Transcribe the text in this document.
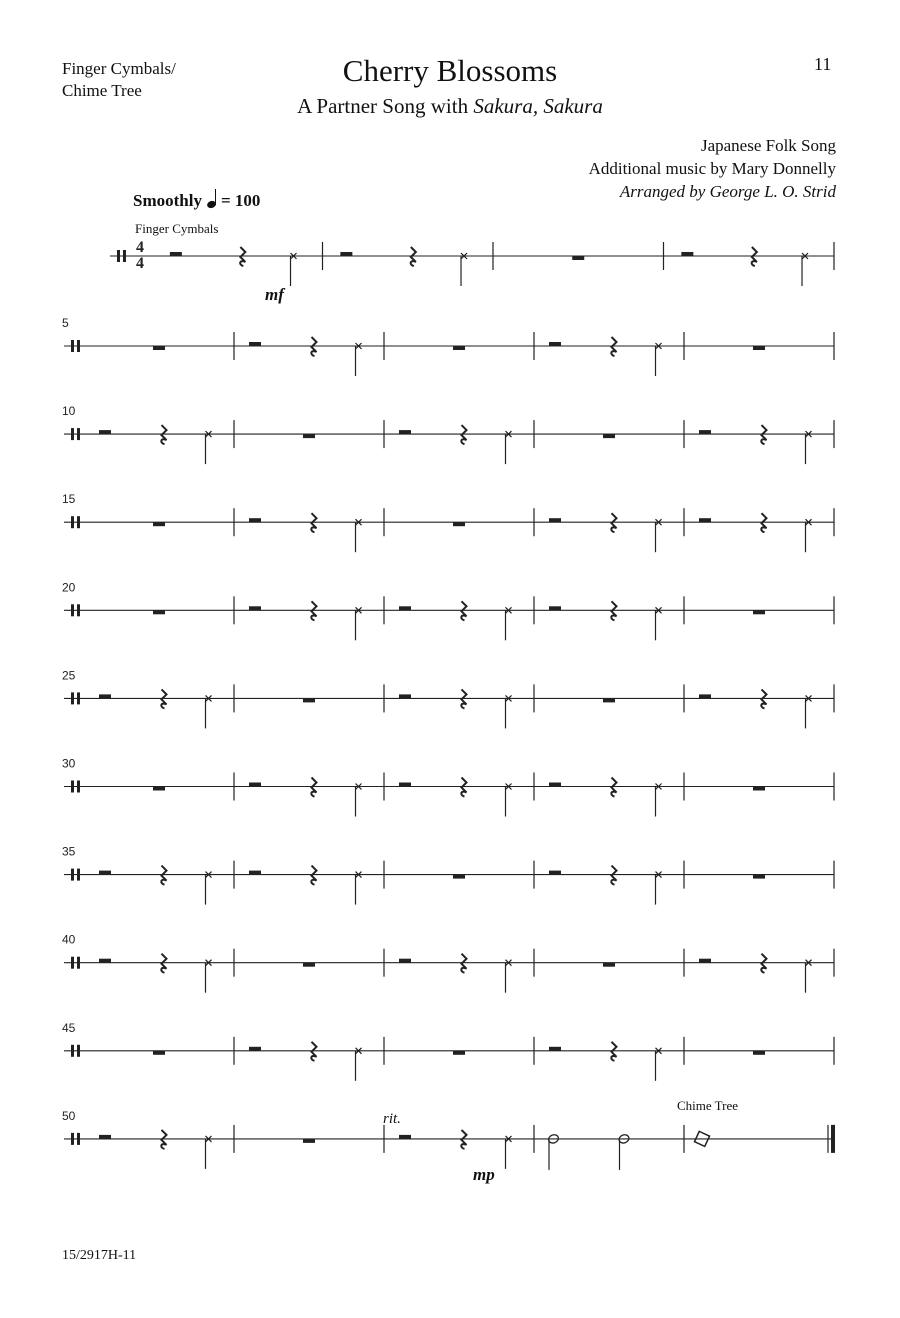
Finger Cymbals/
Chime Tree
Cherry Blossoms
A Partner Song with Sakura, Sakura
11
Japanese Folk Song
Additional music by Mary Donnelly
Arranged by George L. O. Strid
Smoothly = 100
Finger Cymbals
Chime Tree
rit.
mf
mp
15/2917H-11
4
4
5
10
15
20
25
30
35
40
45
50
